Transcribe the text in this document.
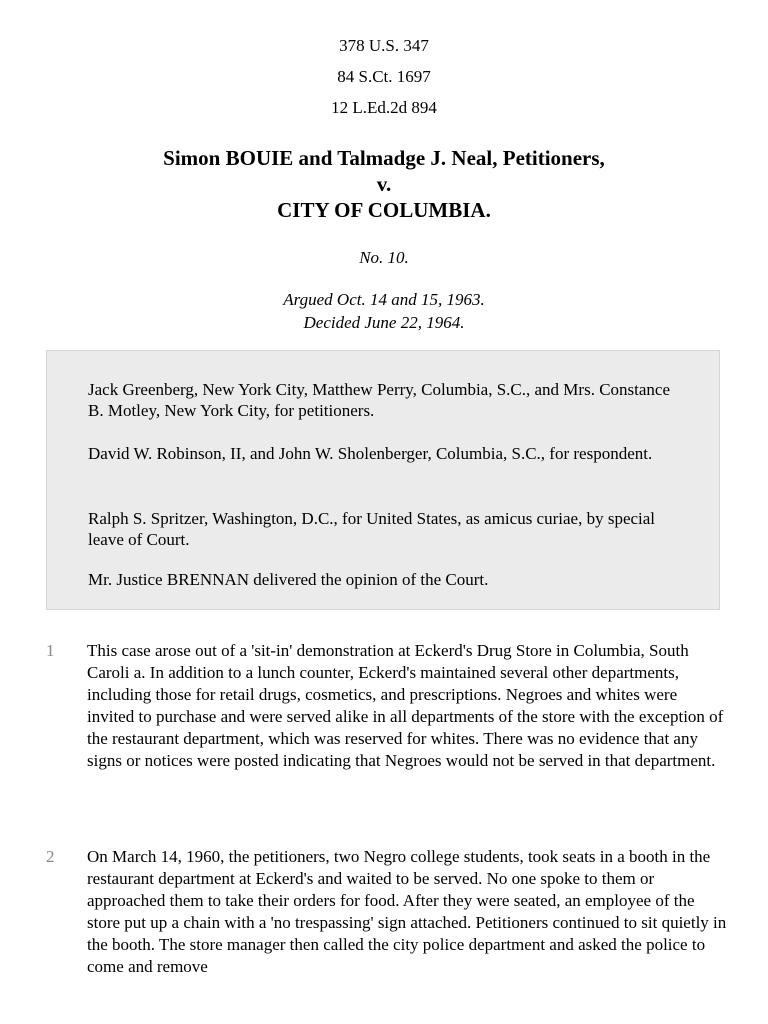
378 U.S. 347
84 S.Ct. 1697
12 L.Ed.2d 894
Simon BOUIE and Talmadge J. Neal, Petitioners,
v.
CITY OF COLUMBIA.
No. 10.
Argued Oct. 14 and 15, 1963.
Decided June 22, 1964.

Jack Greenberg, New York City, Matthew Perry, Columbia, S.C., and Mrs. Constance B. Motley, New York City, for petitioners.

David W. Robinson, II, and John W. Sholenberger, Columbia, S.C., for respondent.

Ralph S. Spritzer, Washington, D.C., for United States, as amicus curiae, by special leave of Court.

Mr. Justice BRENNAN delivered the opinion of the Court.

1 This case arose out of a 'sit-in' demonstration at Eckerd's Drug Store in Columbia, South Caroli a. In addition to a lunch counter, Eckerd's maintained several other departments, including those for retail drugs, cosmetics, and prescriptions. Negroes and whites were invited to purchase and were served alike in all departments of the store with the exception of the restaurant department, which was reserved for whites. There was no evidence that any signs or notices were posted indicating that Negroes would not be served in that department.

2 On March 14, 1960, the petitioners, two Negro college students, took seats in a booth in the restaurant department at Eckerd's and waited to be served. No one spoke to them or approached them to take their orders for food. After they were seated, an employee of the store put up a chain with a 'no trespassing' sign attached. Petitioners continued to sit quietly in the booth. The store manager then called the city police department and asked the police to come and remove
